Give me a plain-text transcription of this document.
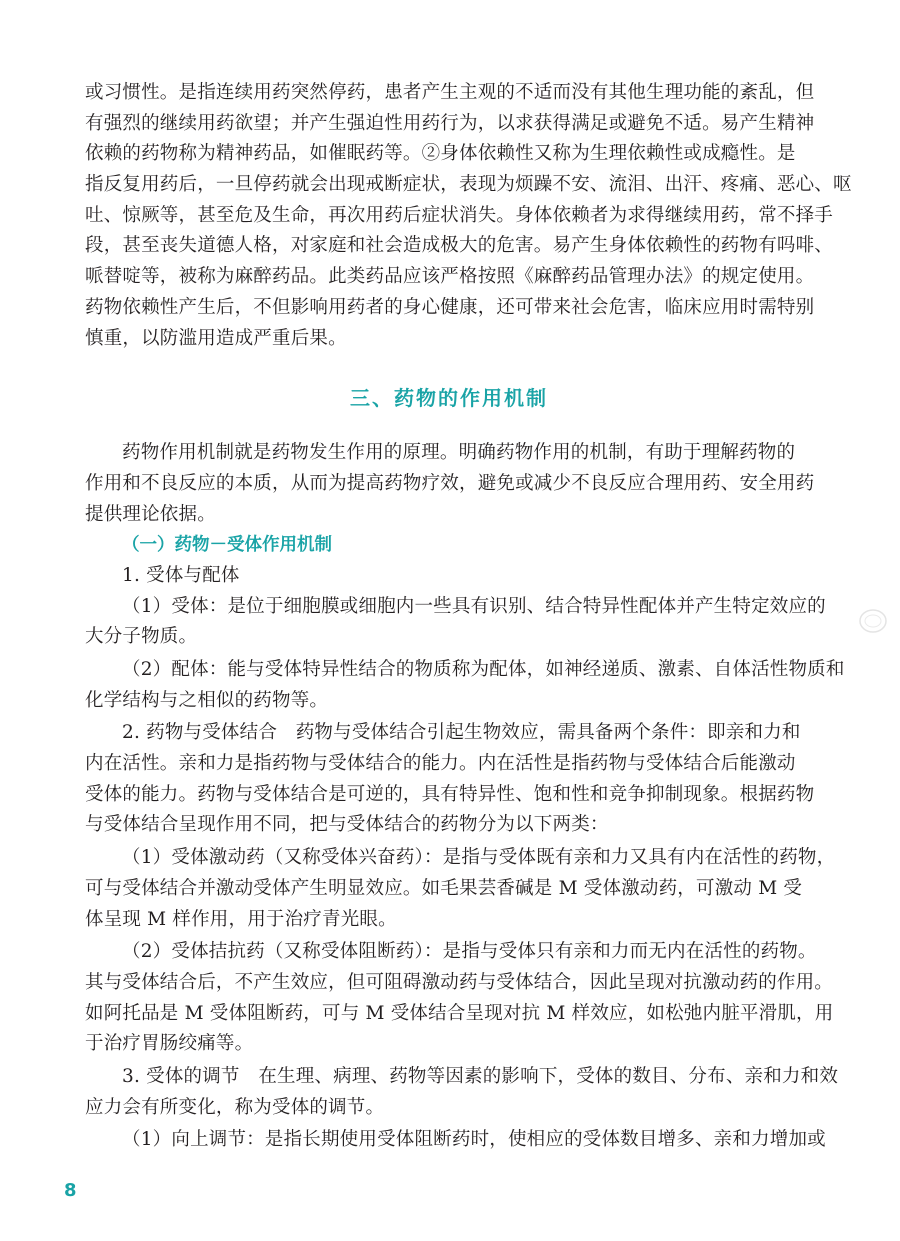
或习惯性。是指连续用药突然停药，患者产生主观的不适而没有其他生理功能的紊乱，但
有强烈的继续用药欲望；并产生强迫性用药行为，以求获得满足或避免不适。易产生精神
依赖的药物称为精神药品，如催眠药等。②身体依赖性又称为生理依赖性或成瘾性。是
指反复用药后，一旦停药就会出现戒断症状，表现为烦躁不安、流泪、出汗、疼痛、恶心、呕
吐、惊厥等，甚至危及生命，再次用药后症状消失。身体依赖者为求得继续用药，常不择手
段，甚至丧失道德人格，对家庭和社会造成极大的危害。易产生身体依赖性的药物有吗啡、
哌替啶等，被称为麻醉药品。此类药品应该严格按照《麻醉药品管理办法》的规定使用。
药物依赖性产生后，不但影响用药者的身心健康，还可带来社会危害，临床应用时需特别
慎重，以防滥用造成严重后果。
三、药物的作用机制
药物作用机制就是药物发生作用的原理。明确药物作用的机制，有助于理解药物的
作用和不良反应的本质，从而为提高药物疗效，避免或减少不良反应合理用药、安全用药
提供理论依据。
（一）药物－受体作用机制
1. 受体与配体
（1）受体：是位于细胞膜或细胞内一些具有识别、结合特异性配体并产生特定效应的
大分子物质。
（2）配体：能与受体特异性结合的物质称为配体，如神经递质、激素、自体活性物质和
化学结构与之相似的药物等。
2. 药物与受体结合　药物与受体结合引起生物效应，需具备两个条件：即亲和力和
内在活性。亲和力是指药物与受体结合的能力。内在活性是指药物与受体结合后能激动
受体的能力。药物与受体结合是可逆的，具有特异性、饱和性和竞争抑制现象。根据药物
与受体结合呈现作用不同，把与受体结合的药物分为以下两类：
（1）受体激动药（又称受体兴奋药）：是指与受体既有亲和力又具有内在活性的药物，
可与受体结合并激动受体产生明显效应。如毛果芸香碱是 M 受体激动药，可激动 M 受
体呈现 M 样作用，用于治疗青光眼。
（2）受体拮抗药（又称受体阻断药）：是指与受体只有亲和力而无内在活性的药物。
其与受体结合后，不产生效应，但可阻碍激动药与受体结合，因此呈现对抗激动药的作用。
如阿托品是 M 受体阻断药，可与 M 受体结合呈现对抗 M 样效应，如松弛内脏平滑肌，用
于治疗胃肠绞痛等。
3. 受体的调节　在生理、病理、药物等因素的影响下，受体的数目、分布、亲和力和效
应力会有所变化，称为受体的调节。
（1）向上调节：是指长期使用受体阻断药时，使相应的受体数目增多、亲和力增加或
8
